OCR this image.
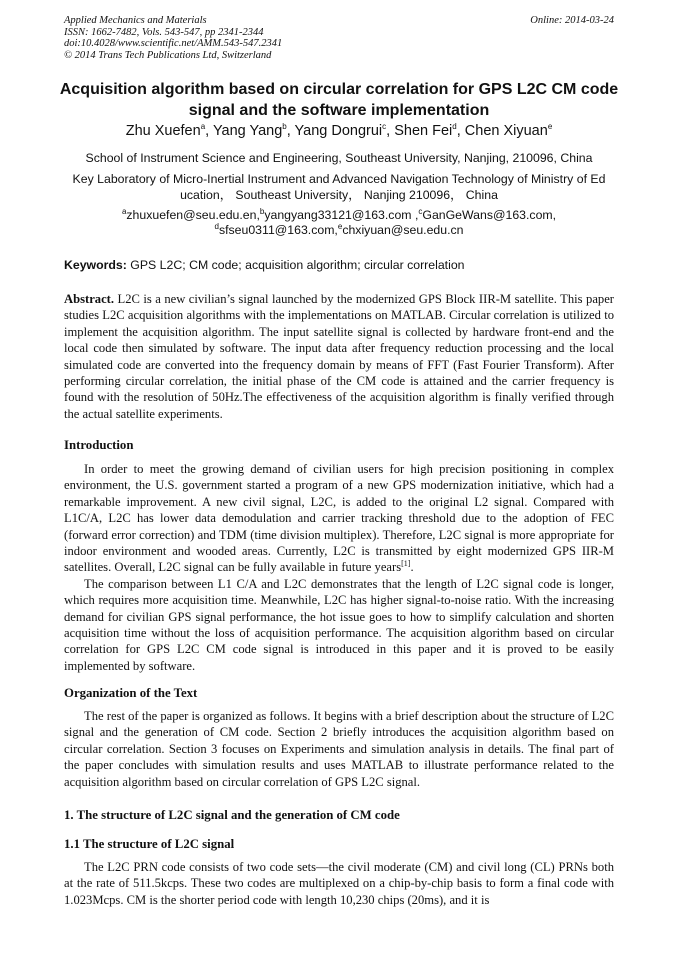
Applied Mechanics and Materials
ISSN: 1662-7482, Vols. 543-547, pp 2341-2344
doi:10.4028/www.scientific.net/AMM.543-547.2341
© 2014 Trans Tech Publications Ltd, Switzerland
Online: 2014-03-24
Acquisition algorithm based on circular correlation for GPS L2C CM code signal and the software implementation
Zhu Xuefen$^a$, Yang Yang$^b$, Yang Dongrui$^c$, Shen Fei$^d$, Chen Xiyuan$^e$
School of Instrument Science and Engineering, Southeast University, Nanjing, 210096, China
Key Laboratory of Micro-Inertial Instrument and Advanced Navigation Technology of Ministry of Ed ucation， Southeast University， Nanjing 210096， China
$^a$zhuxuefen@seu.edu.en,$^b$yangyang33121@163.com ,$^c$GanGeWans@163.com, $^d$sfseu0311@163.com,$^e$chxiyuan@seu.edu.cn
Keywords: GPS L2C; CM code; acquisition algorithm; circular correlation

Abstract. L2C is a new civilian’s signal launched by the modernized GPS Block IIR-M satellite. This paper studies L2C acquisition algorithms with the implementations on MATLAB. Circular correlation is utilized to implement the acquisition algorithm. The input satellite signal is collected by hardware front-end and the local code then simulated by software. The input data after frequency reduction processing and the local simulated code are converted into the frequency domain by means of FFT (Fast Fourier Transform). After performing circular correlation, the initial phase of the CM code is attained and the carrier frequency is found with the resolution of 50Hz.The effectiveness of the acquisition algorithm is finally verified through the actual satellite experiments.

Introduction

In order to meet the growing demand of civilian users for high precision positioning in complex environment, the U.S. government started a program of a new GPS modernization initiative, which had a remarkable improvement. A new civil signal, L2C, is added to the original L2 signal. Compared with L1C/A, L2C has lower data demodulation and carrier tracking threshold due to the adoption of FEC (forward error correction) and TDM (time division multiplex). Therefore, L2C signal is more appropriate for indoor environment and wooded areas. Currently, L2C is transmitted by eight modernized GPS IIR-M satellites. Overall, L2C signal can be fully available in future years[1].

The comparison between L1 C/A and L2C demonstrates that the length of L2C signal code is longer, which requires more acquisition time. Meanwhile, L2C has higher signal-to-noise ratio. With the increasing demand for civilian GPS signal performance, the hot issue goes to how to simplify calculation and shorten acquisition time without the loss of acquisition performance. The acquisition algorithm based on circular correlation for GPS L2C CM code signal is introduced in this paper and it is proved to be easily implemented by software.

Organization of the Text

The rest of the paper is organized as follows. It begins with a brief description about the structure of L2C signal and the generation of CM code. Section 2 briefly introduces the acquisition algorithm based on circular correlation. Section 3 focuses on Experiments and simulation analysis in details. The final part of the paper concludes with simulation results and uses MATLAB to illustrate performance related to the acquisition algorithm based on circular correlation of GPS L2C signal.

1. The structure of L2C signal and the generation of CM code
1.1 The structure of L2C signal

The L2C PRN code consists of two code sets—the civil moderate (CM) and civil long (CL) PRNs both at the rate of 511.5kcps. These two codes are multiplexed on a chip-by-chip basis to form a final code with 1.023Mcps. CM is the shorter period code with length 10,230 chips (20ms), and it is
